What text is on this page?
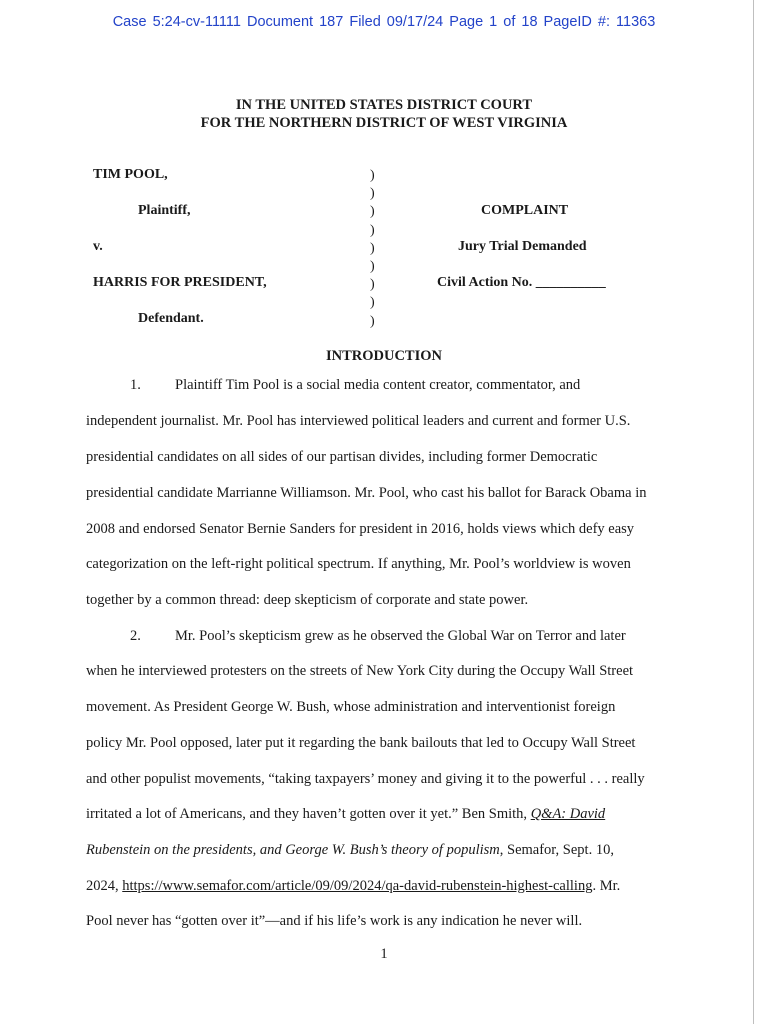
Case 5:24-cv-11111 Document 187 Filed 09/17/24 Page 1 of 18 PageID #: 11363
IN THE UNITED STATES DISTRICT COURT
FOR THE NORTHERN DISTRICT OF WEST VIRGINIA
TIM POOL,
Plaintiff,
v.
HARRIS FOR PRESIDENT,
Defendant.
)
)
)
)
)
)
)
)
)
COMPLAINT
Jury Trial Demanded
Civil Action No. __________
INTRODUCTION
1. Plaintiff Tim Pool is a social media content creator, commentator, and
independent journalist. Mr. Pool has interviewed political leaders and current and former U.S.
presidential candidates on all sides of our partisan divides, including former Democratic
presidential candidate Marrianne Williamson. Mr. Pool, who cast his ballot for Barack Obama in
2008 and endorsed Senator Bernie Sanders for president in 2016, holds views which defy easy
categorization on the left-right political spectrum. If anything, Mr. Pool’s worldview is woven
together by a common thread: deep skepticism of corporate and state power.
2. Mr. Pool’s skepticism grew as he observed the Global War on Terror and later
when he interviewed protesters on the streets of New York City during the Occupy Wall Street
movement. As President George W. Bush, whose administration and interventionist foreign
policy Mr. Pool opposed, later put it regarding the bank bailouts that led to Occupy Wall Street
and other populist movements, “taking taxpayers’ money and giving it to the powerful . . . really
irritated a lot of Americans, and they haven’t gotten over it yet.” Ben Smith, Q&A: David
Rubenstein on the presidents, and George W. Bush’s theory of populism, Semafor, Sept. 10,
2024, https://www.semafor.com/article/09/09/2024/qa-david-rubenstein-highest-calling. Mr.
Pool never has “gotten over it”—and if his life’s work is any indication he never will.
1
